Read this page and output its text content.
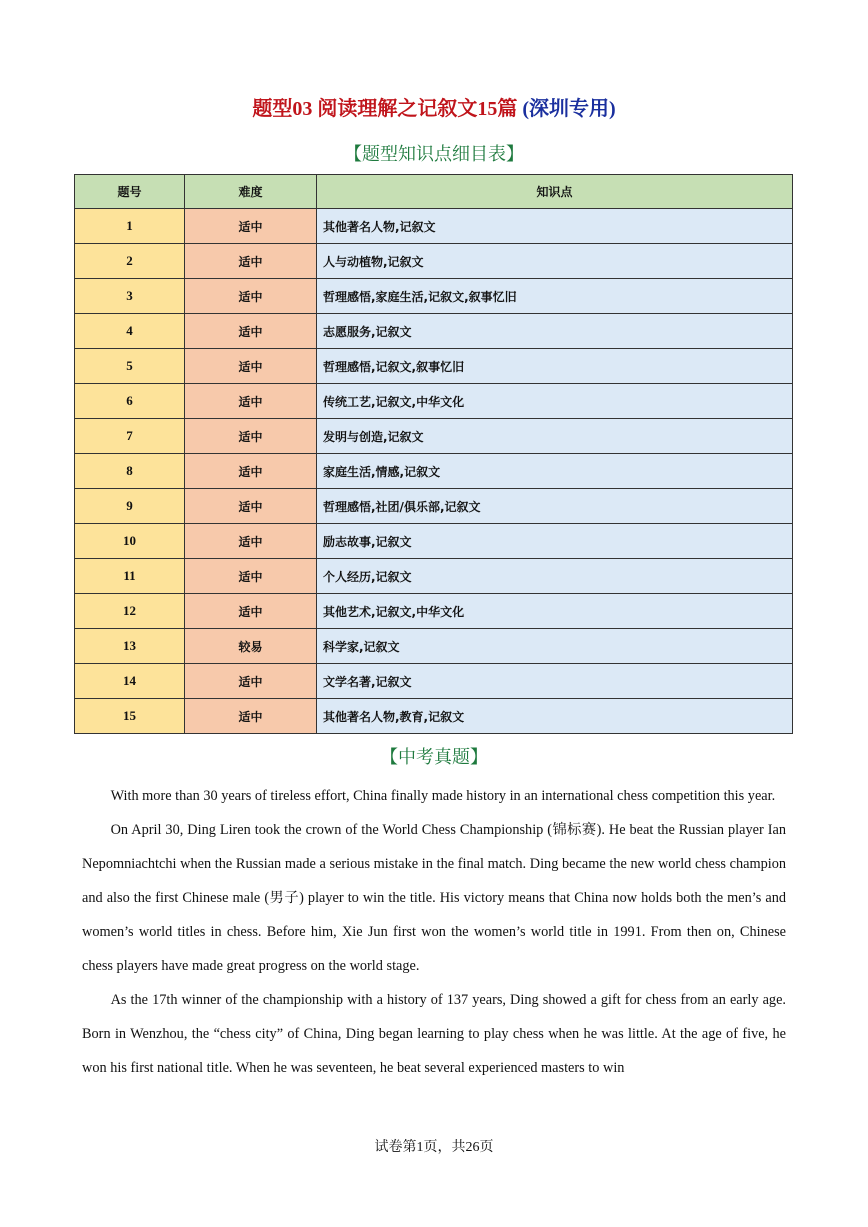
题型03 阅读理解之记叙文15篇 (深圳专用)
【题型知识点细目表】
题号	难度	知识点
1	适中	其他著名人物,记叙文
2	适中	人与动植物,记叙文
3	适中	哲理感悟,家庭生活,记叙文,叙事忆旧
4	适中	志愿服务,记叙文
5	适中	哲理感悟,记叙文,叙事忆旧
6	适中	传统工艺,记叙文,中华文化
7	适中	发明与创造,记叙文
8	适中	家庭生活,情感,记叙文
9	适中	哲理感悟,社团/俱乐部,记叙文
10	适中	励志故事,记叙文
11	适中	个人经历,记叙文
12	适中	其他艺术,记叙文,中华文化
13	较易	科学家,记叙文
14	适中	文学名著,记叙文
15	适中	其他著名人物,教育,记叙文
【中考真题】

With more than 30 years of tireless effort, China finally made history in an international chess competition this year.

On April 30, Ding Liren took the crown of the World Chess Championship (锦标赛). He beat the Russian player Ian Nepomniachtchi when the Russian made a serious mistake in the final match. Ding became the new world chess champion and also the first Chinese male (男子) player to win the title. His victory means that China now holds both the men’s and women’s world titles in chess. Before him, Xie Jun first won the women’s world title in 1991. From then on, Chinese chess players have made great progress on the world stage.

As the 17th winner of the championship with a history of 137 years, Ding showed a gift for chess from an early age. Born in Wenzhou, the “chess city” of China, Ding began learning to play chess when he was little. At the age of five, he won his first national title. When he was seventeen, he beat several experienced masters to win

试卷第1页，共26页
